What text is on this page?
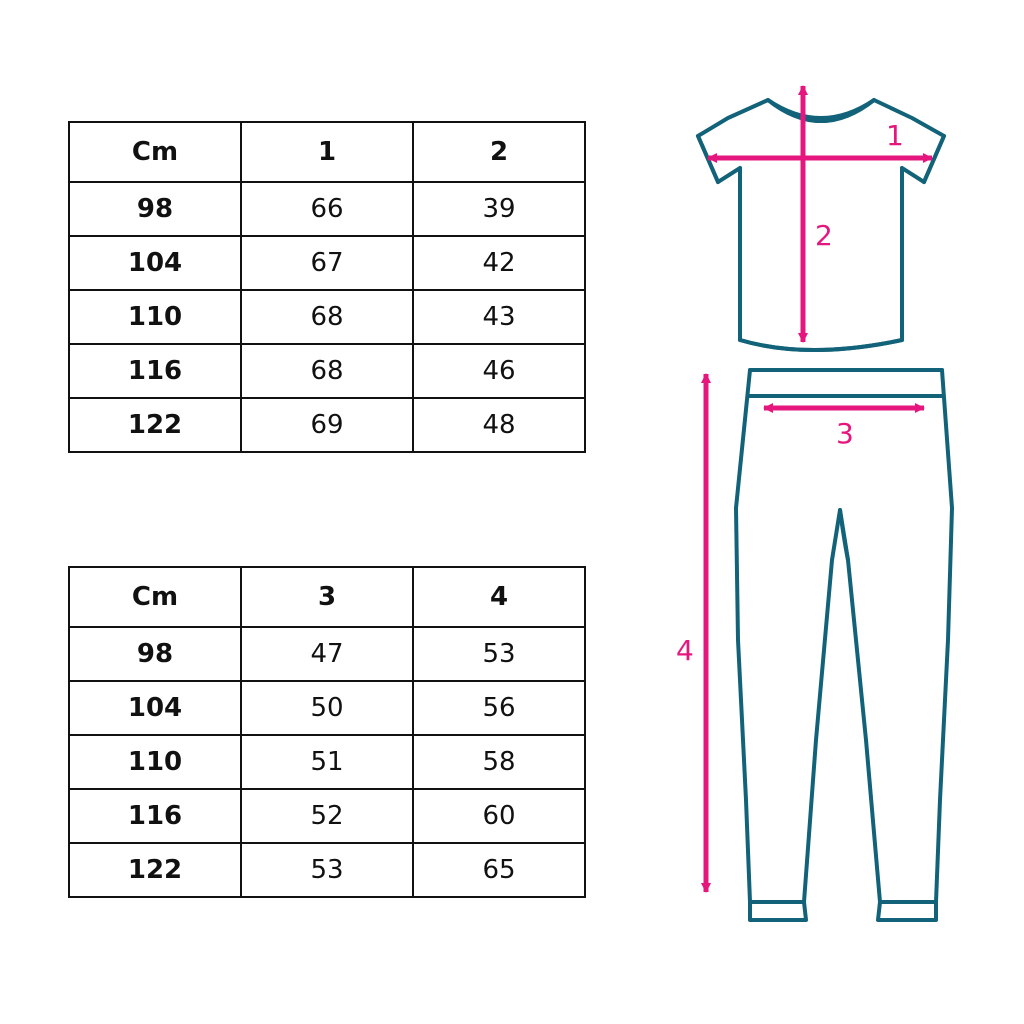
Cm	1	2
98	66	39
104	67	42
110	68	43
116	68	46
122	69	48
Cm	3	4
98	47	53
104	50	56
110	51	58
116	52	60
122	53	65
1
2
3
4
